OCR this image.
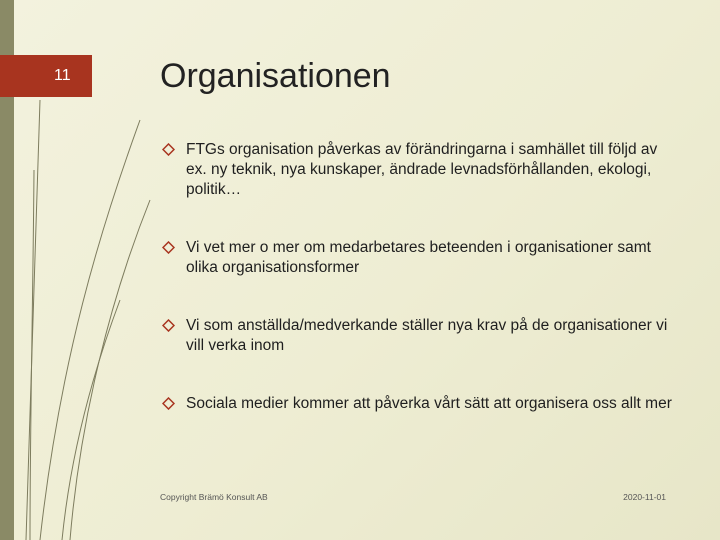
11	Organisationen
FTGs organisation påverkas av förändringarna i samhället till följd av ex. ny teknik, nya kunskaper, ändrade levnadsförhållanden, ekologi, politik…
Vi vet mer o mer om medarbetares beteenden i organisationer samt olika organisationsformer
Vi som anställda/medverkande ställer nya krav på de organisationer vi vill verka inom
Sociala medier kommer att påverka vårt sätt att organisera oss allt mer
Copyright Brämö Konsult AB	2020-11-01
